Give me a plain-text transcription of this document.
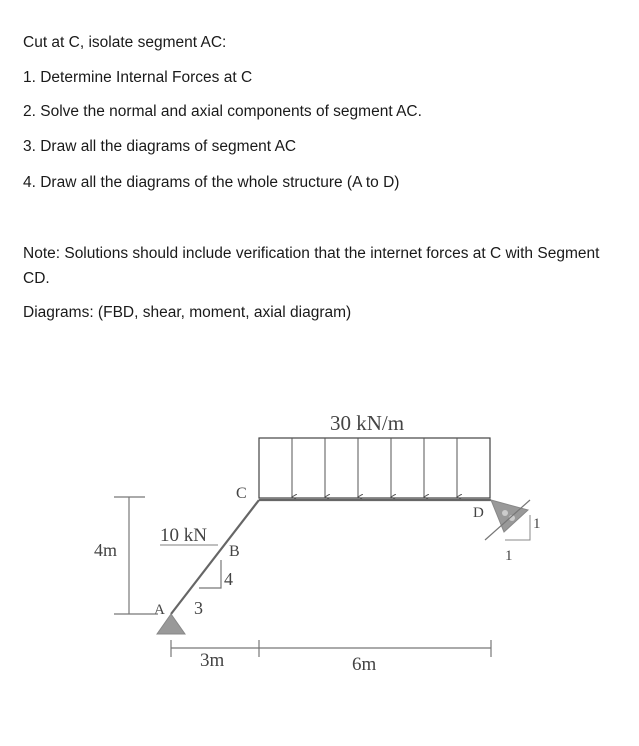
Cut at C, isolate segment AC:
1. Determine Internal Forces at C
2. Solve the normal and axial components of segment AC.
3. Draw all the diagrams of segment AC
4. Draw all the diagrams of the whole structure (A to D)
Note: Solutions should include verification that the internet forces at C with Segment CD.
Diagrams: (FBD, shear, moment, axial diagram)
30 kN/m
10 kN
B
4
3
A
C
D
1
1
4m
3m	6m
